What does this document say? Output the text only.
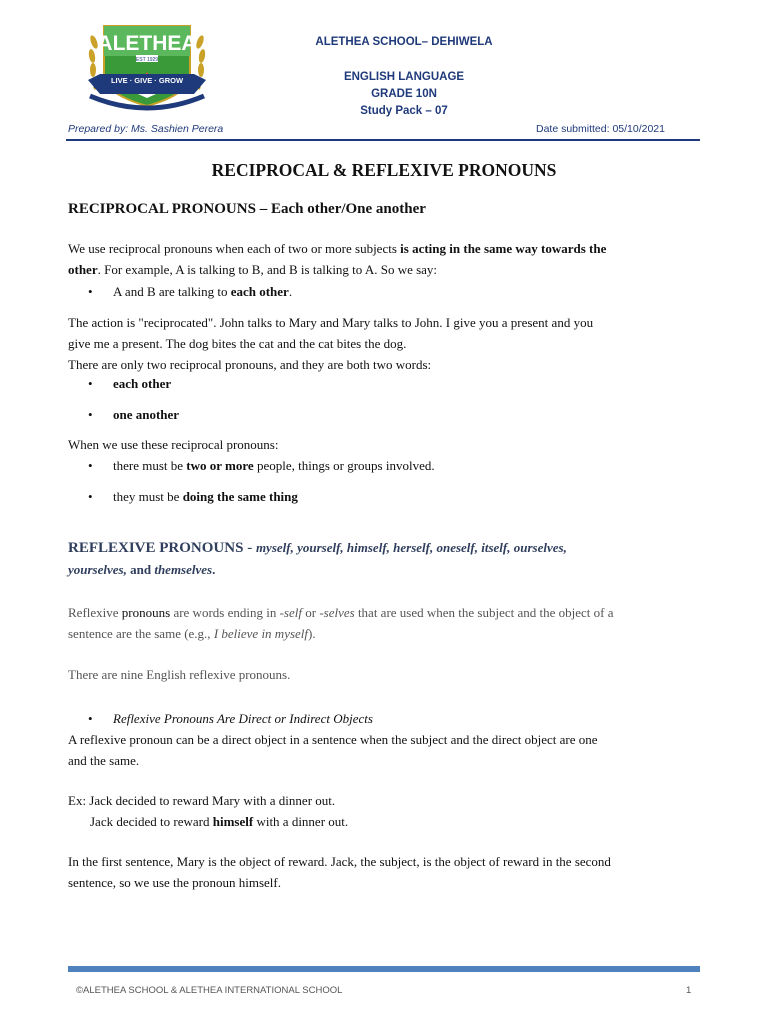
ALETHEA
EST 1929
LIVE · GIVE · GROW
ALETHEA SCHOOL– DEHIWELA
ENGLISH LANGUAGE
GRADE 10N
Study Pack – 07
Prepared by: Ms. Sashien Perera	Date submitted: 05/10/2021
RECIPROCAL & REFLEXIVE PRONOUNS
RECIPROCAL PRONOUNS – Each other/One another
We use reciprocal pronouns when each of two or more subjects is acting in the same way towards the
other. For example, A is talking to B, and B is talking to A. So we say:
• A and B are talking to each other.
The action is "reciprocated". John talks to Mary and Mary talks to John. I give you a present and you
give me a present. The dog bites the cat and the cat bites the dog.
There are only two reciprocal pronouns, and they are both two words:
• each other
• one another
When we use these reciprocal pronouns:
• there must be two or more people, things or groups involved.
• they must be doing the same thing
REFLEXIVE PRONOUNS - myself, yourself, himself, herself, oneself, itself, ourselves,
yourselves, and themselves.
Reflexive pronouns are words ending in -self or -selves that are used when the subject and the object of a
sentence are the same (e.g., I believe in myself).
There are nine English reflexive pronouns.
• Reflexive Pronouns Are Direct or Indirect Objects
A reflexive pronoun can be a direct object in a sentence when the subject and the direct object are one
and the same.
Ex: Jack decided to reward Mary with a dinner out.
Jack decided to reward himself with a dinner out.
In the first sentence, Mary is the object of reward. Jack, the subject, is the object of reward in the second
sentence, so we use the pronoun himself.
©ALETHEA SCHOOL & ALETHEA INTERNATIONAL SCHOOL	1
